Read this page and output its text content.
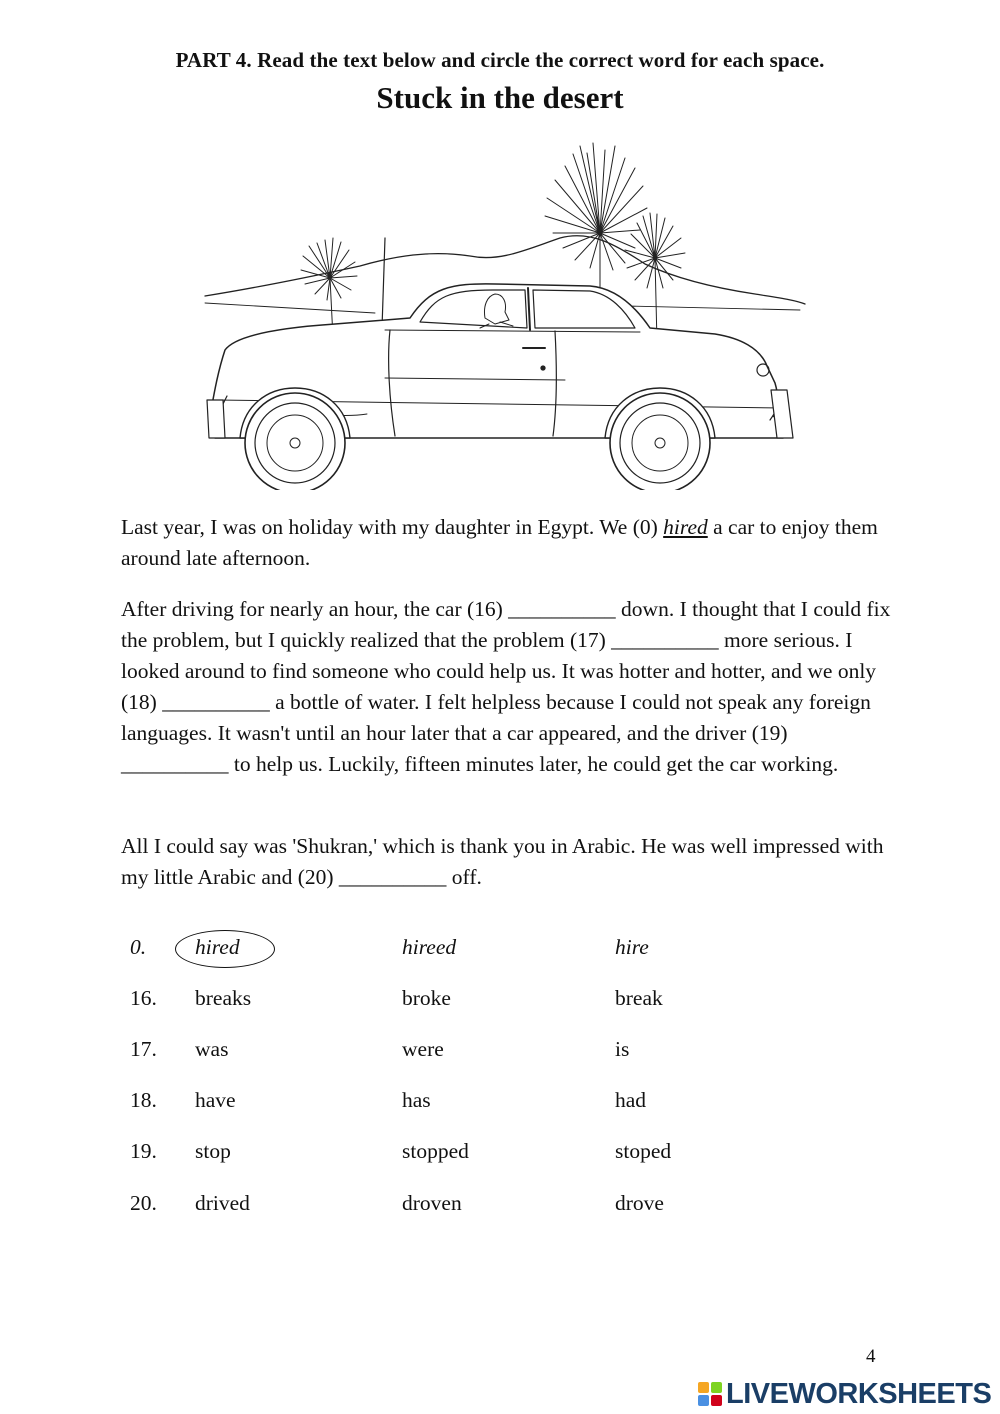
PART 4. Read the text below and circle the correct word for each space.
Stuck in the desert

Last year, I was on holiday with my daughter in Egypt. We (0) hired a car to enjoy them around late afternoon.

After driving for nearly an hour, the car (16) __________ down. I thought that I could fix the problem, but I quickly realized that the problem (17) __________ more serious. I looked around to find someone who could help us. It was hotter and hotter, and we only (18) __________ a bottle of water. I felt helpless because I could not speak any foreign languages. It wasn't until an hour later that a car appeared, and the driver (19) __________ to help us. Luckily, fifteen minutes later, he could get the car working.

All I could say was 'Shukran,' which is thank you in Arabic. He was well impressed with my little Arabic and (20) __________ off.

0. hired	hireed	hire
16. breaks	broke	break
17. was	were	is
18. have	has	had
19. stop	stopped	stoped
20. drived	droven	drove
4
LIVEWORKSHEETS
